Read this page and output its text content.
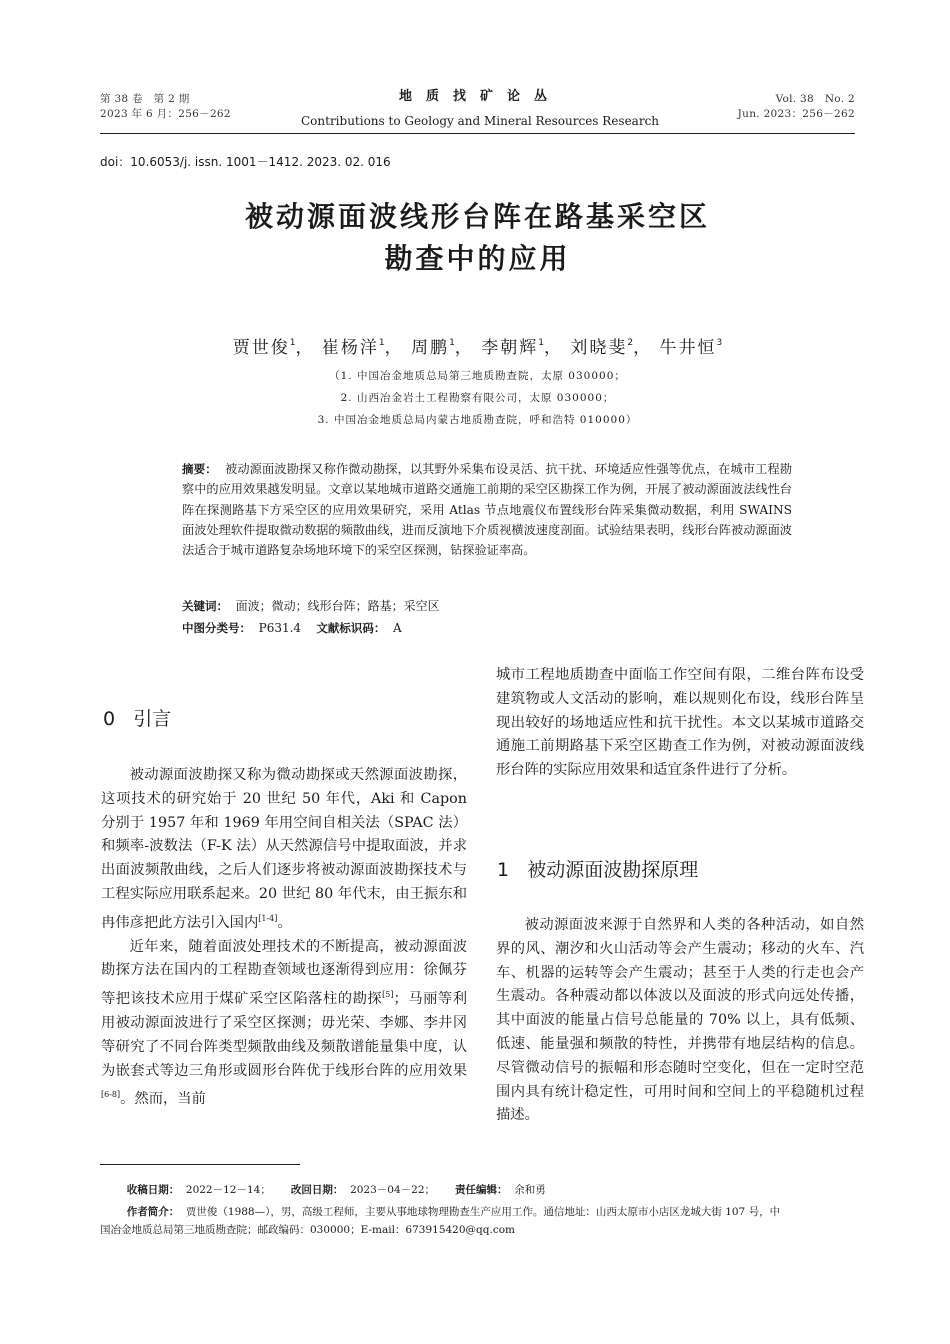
第 38 卷　第 2 期
2023 年 6 月：256－262
地质找矿论丛
Contributions to Geology and Mineral Resources Research
Vol. 38　No. 2
Jun. 2023：256－262
doi：10.6053/j. issn. 1001－1412. 2023. 02. 016
被动源面波线形台阵在路基采空区
勘查中的应用
贾世俊$^1$， 崔杨洋$^1$， 周鹏$^1$， 李朝辉$^1$， 刘晓斐$^2$， 牛井恒$^3$
（1. 中国冶金地质总局第三地质勘查院，太原 030000；
2. 山西冶金岩土工程勘察有限公司，太原 030000；
3. 中国冶金地质总局内蒙古地质勘查院，呼和浩特 010000）
摘要： 被动源面波勘探又称作微动勘探，以其野外采集布设灵活、抗干扰、环境适应性强等优点，在城市工程勘察中的应用效果越发明显。文章以某地城市道路交通施工前期的采空区勘探工作为例，开展了被动源面波法线性台阵在探测路基下方采空区的应用效果研究，采用 Atlas 节点地震仪布置线形台阵采集微动数据，利用 SWAINS 面波处理软件提取微动数据的频散曲线，进而反演地下介质视横波速度剖面。试验结果表明，线形台阵被动源面波法适合于城市道路复杂场地环境下的采空区探测，钻探验证率高。
关键词： 面波；微动；线形台阵；路基；采空区
中图分类号： P631.4 文献标识码： A
0 引言

被动源面波勘探又称为微动勘探或天然源面波勘探，这项技术的研究始于 20 世纪 50 年代，Aki 和 Capon 分别于 1957 年和 1969 年用空间自相关法（SPAC 法）和频率-波数法（F-K 法）从天然源信号中提取面波，并求出面波频散曲线，之后人们逐步将被动源面波勘探技术与工程实际应用联系起来。20 世纪 80 年代末，由王振东和冉伟彦把此方法引入国内[1-4]。

近年来，随着面波处理技术的不断提高，被动源面波勘探方法在国内的工程勘查领域也逐渐得到应用：徐佩芬等把该技术应用于煤矿采空区陷落柱的勘探[5]；马丽等利用被动源面波进行了采空区探测；毋光荣、李娜、李井冈等研究了不同台阵类型频散曲线及频散谱能量集中度，认为嵌套式等边三角形或圆形台阵优于线形台阵的应用效果[6-8]。然而，当前

城市工程地质勘查中面临工作空间有限，二维台阵布设受建筑物或人文活动的影响，难以规则化布设，线形台阵呈现出较好的场地适应性和抗干扰性。本文以某城市道路交通施工前期路基下采空区勘查工作为例，对被动源面波线形台阵的实际应用效果和适宜条件进行了分析。

1 被动源面波勘探原理

被动源面波来源于自然界和人类的各种活动，如自然界的风、潮汐和火山活动等会产生震动；移动的火车、汽车、机器的运转等会产生震动；甚至于人类的行走也会产生震动。各种震动都以体波以及面波的形式向远处传播，其中面波的能量占信号总能量的 70% 以上，具有低频、低速、能量强和频散的特性，并携带有地层结构的信息。尽管微动信号的振幅和形态随时空变化，但在一定时空范围内具有统计稳定性，可用时间和空间上的平稳随机过程描述。

收稿日期： 2022－12－14； 改回日期： 2023－04－22； 责任编辑： 余和勇
作者简介： 贾世俊（1988—），男，高级工程师，主要从事地球物理勘查生产应用工作。通信地址：山西太原市小店区龙城大街 107 号，中
国冶金地质总局第三地质勘查院；邮政编码：030000；E-mail：673915420@qq.com
